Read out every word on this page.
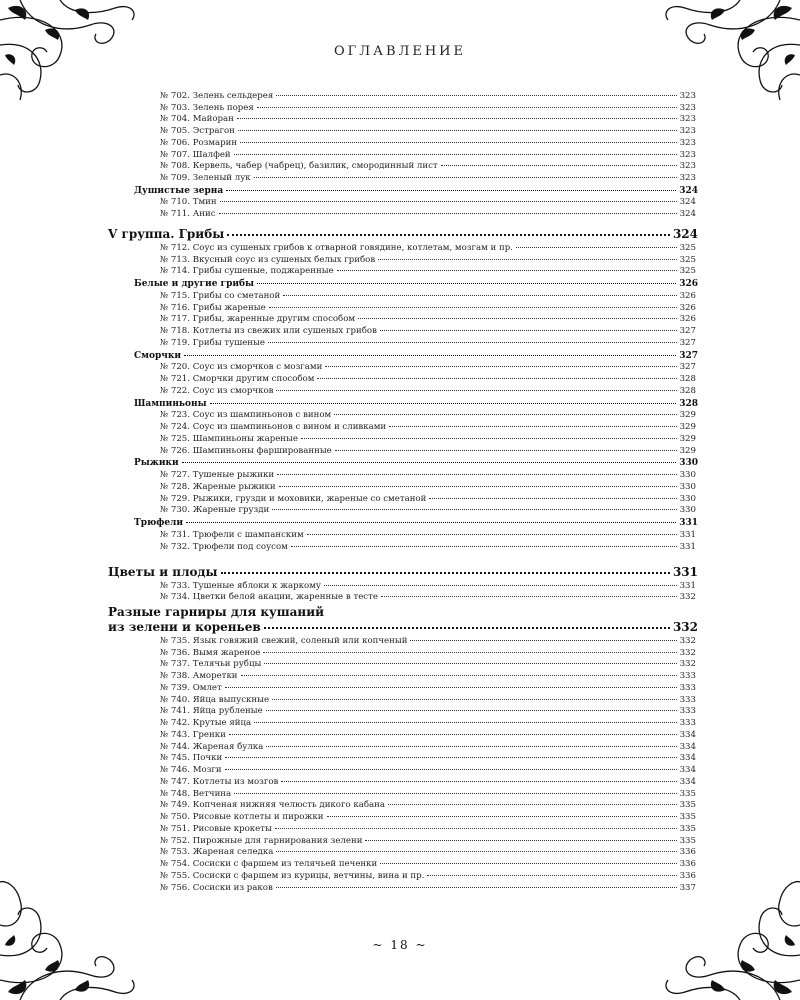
ОГЛАВЛЕНИЕ
№ 702. Зелень сельдерея	323
№ 703. Зелень порея	323
№ 704. Майоран	323
№ 705. Эстрагон	323
№ 706. Розмарин	323
№ 707. Шалфей	323
№ 708. Кервель, чабер (чабрец), базилик, смородинный лист	323
№ 709. Зеленый лук	323
Душистые зерна	324
№ 710. Тмин	324
№ 711. Анис	324
V группа. Грибы	324
№ 712. Соус из сушеных грибов к отварной говядине, котлетам, мозгам и пр.	325
№ 713. Вкусный соус из сушеных белых грибов	325
№ 714. Грибы сушеные, поджаренные	325
Белые и другие грибы	326
№ 715. Грибы со сметаной	326
№ 716. Грибы жареные	326
№ 717. Грибы, жаренные другим способом	326
№ 718. Котлеты из свежих или сушеных грибов	327
№ 719. Грибы тушеные	327
Сморчки	327
№ 720. Соус из сморчков с мозгами	327
№ 721. Сморчки другим способом	328
№ 722. Соус из сморчков	328
Шампиньоны	328
№ 723. Соус из шампиньонов с вином	329
№ 724. Соус из шампиньонов с вином и сливками	329
№ 725. Шампиньоны жареные	329
№ 726. Шампиньоны фаршированные	329
Рыжики	330
№ 727. Тушеные рыжики	330
№ 728. Жареные рыжики	330
№ 729. Рыжики, грузди и моховики, жареные со сметаной	330
№ 730. Жареные грузди	330
Трюфели	331
№ 731. Трюфели с шампанским	331
№ 732. Трюфели под соусом	331
Цветы и плоды	331
№ 733. Тушеные яблоки к жаркому	331
№ 734. Цветки белой акации, жаренные в тесте	332
Разные гарниры для кушаний
из зелени и кореньев	332
№ 735. Язык говяжий свежий, соленый или копченый	332
№ 736. Вымя жареное	332
№ 737. Телячьи рубцы	332
№ 738. Аморетки	333
№ 739. Омлет	333
№ 740. Яйца выпускные	333
№ 741. Яйца рубленые	333
№ 742. Крутые яйца	333
№ 743. Гренки	334
№ 744. Жареная булка	334
№ 745. Почки	334
№ 746. Мозги	334
№ 747. Котлеты из мозгов	334
№ 748. Ветчина	335
№ 749. Копченая нижняя челюсть дикого кабана	335
№ 750. Рисовые котлеты и пирожки	335
№ 751. Рисовые крокеты	335
№ 752. Пирожные для гарнирования зелени	335
№ 753. Жареная селедка	336
№ 754. Сосиски с фаршем из телячьей печенки	336
№ 755. Сосиски с фаршем из курицы, ветчины, вина и пр.	336
№ 756. Сосиски из раков	337
~ 18 ~
